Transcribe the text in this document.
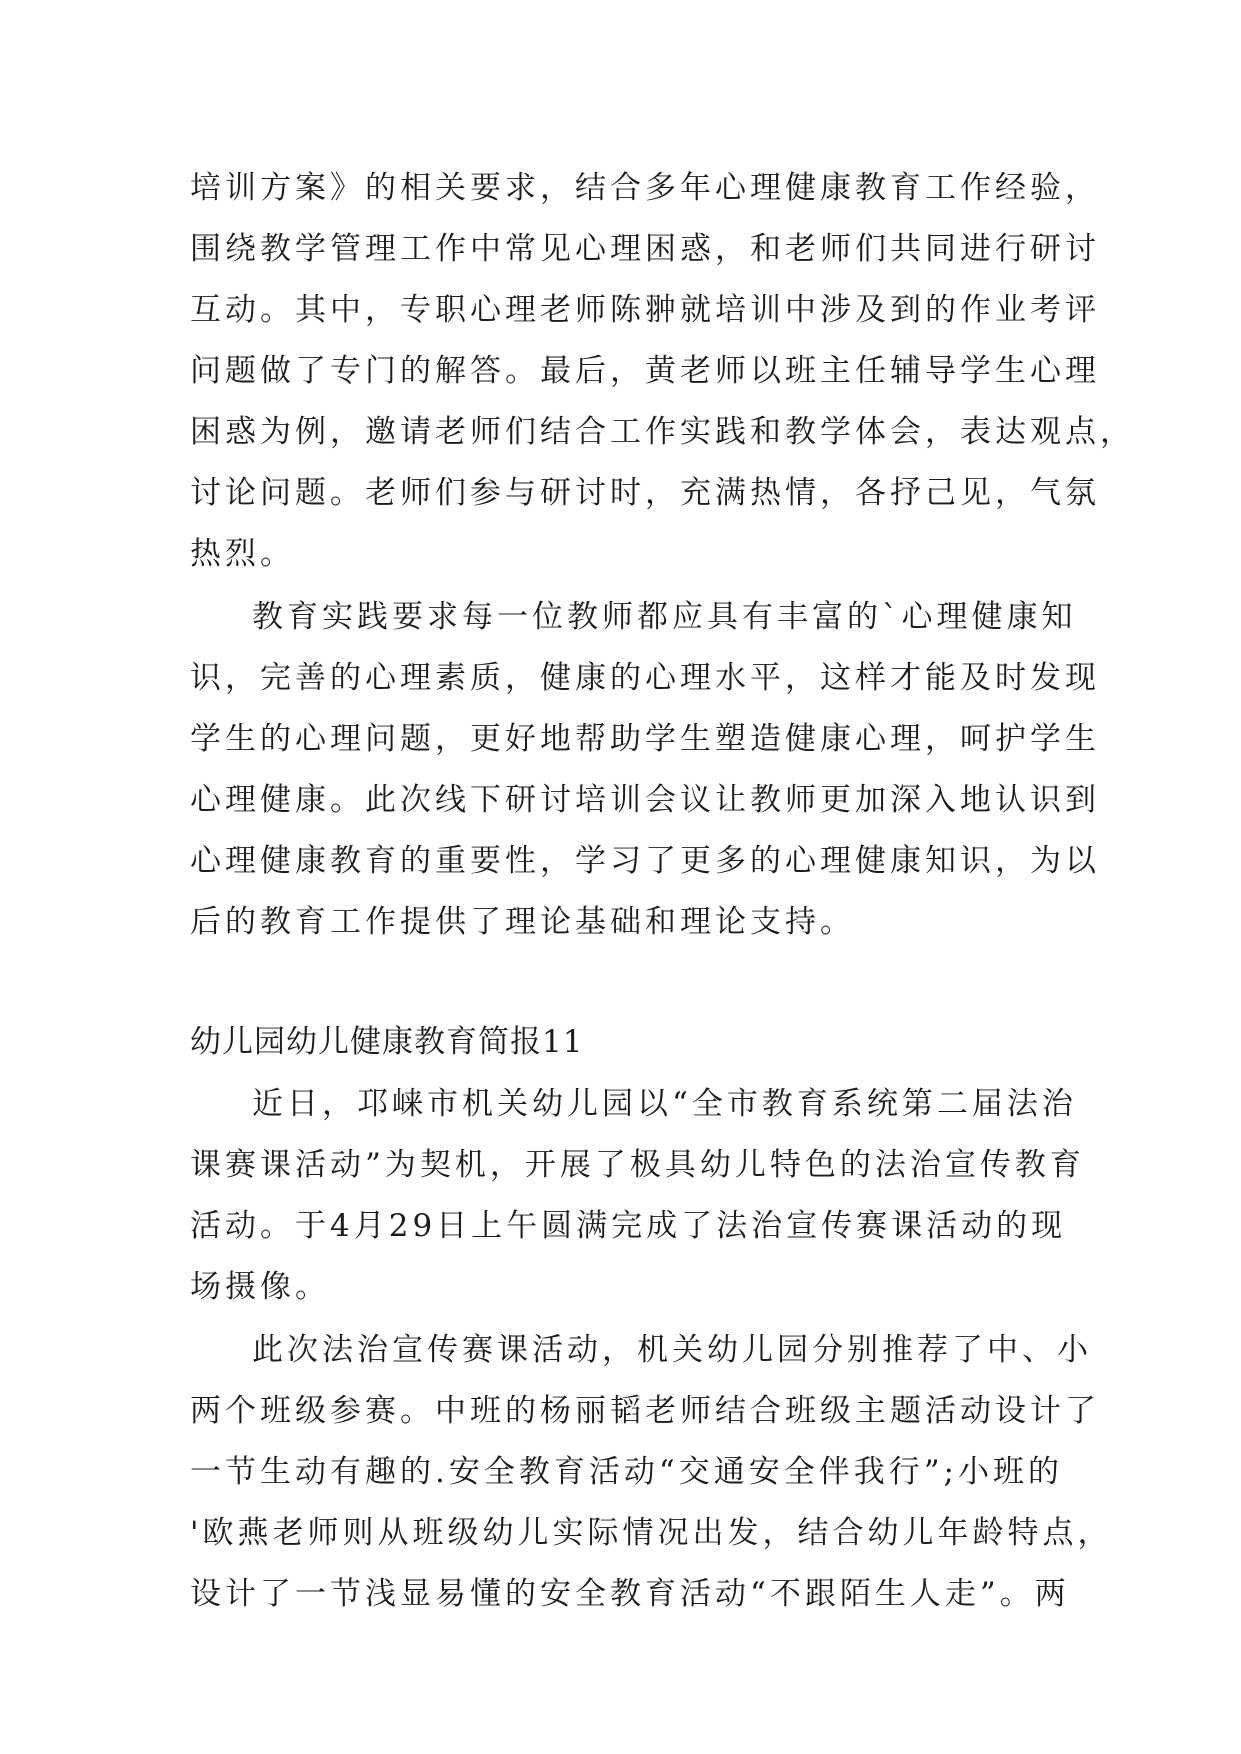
培训方案》的相关要求，结合多年心理健康教育工作经验，

围绕教学管理工作中常见心理困惑，和老师们共同进行研讨

互动。其中，专职心理老师陈翀就培训中涉及到的作业考评

问题做了专门的解答。最后，黄老师以班主任辅导学生心理

困惑为例，邀请老师们结合工作实践和教学体会，表达观点，

讨论问题。老师们参与研讨时，充满热情，各抒己见，气氛

热烈。

教育实践要求每一位教师都应具有丰富的`心理健康知

识，完善的心理素质，健康的心理水平，这样才能及时发现

学生的心理问题，更好地帮助学生塑造健康心理，呵护学生

心理健康。此次线下研讨培训会议让教师更加深入地认识到

心理健康教育的重要性，学习了更多的心理健康知识，为以

后的教育工作提供了理论基础和理论支持。

幼儿园幼儿健康教育简报11

近日，邛崃市机关幼儿园以“全市教育系统第二届法治

课赛课活动”为契机，开展了极具幼儿特色的法治宣传教育

活动。于4月29日上午圆满完成了法治宣传赛课活动的现

场摄像。

此次法治宣传赛课活动，机关幼儿园分别推荐了中、小

两个班级参赛。中班的杨丽韬老师结合班级主题活动设计了

一节生动有趣的.安全教育活动“交通安全伴我行”;小班的

'欧燕老师则从班级幼儿实际情况出发，结合幼儿年龄特点，

设计了一节浅显易懂的安全教育活动“不跟陌生人走”。两
